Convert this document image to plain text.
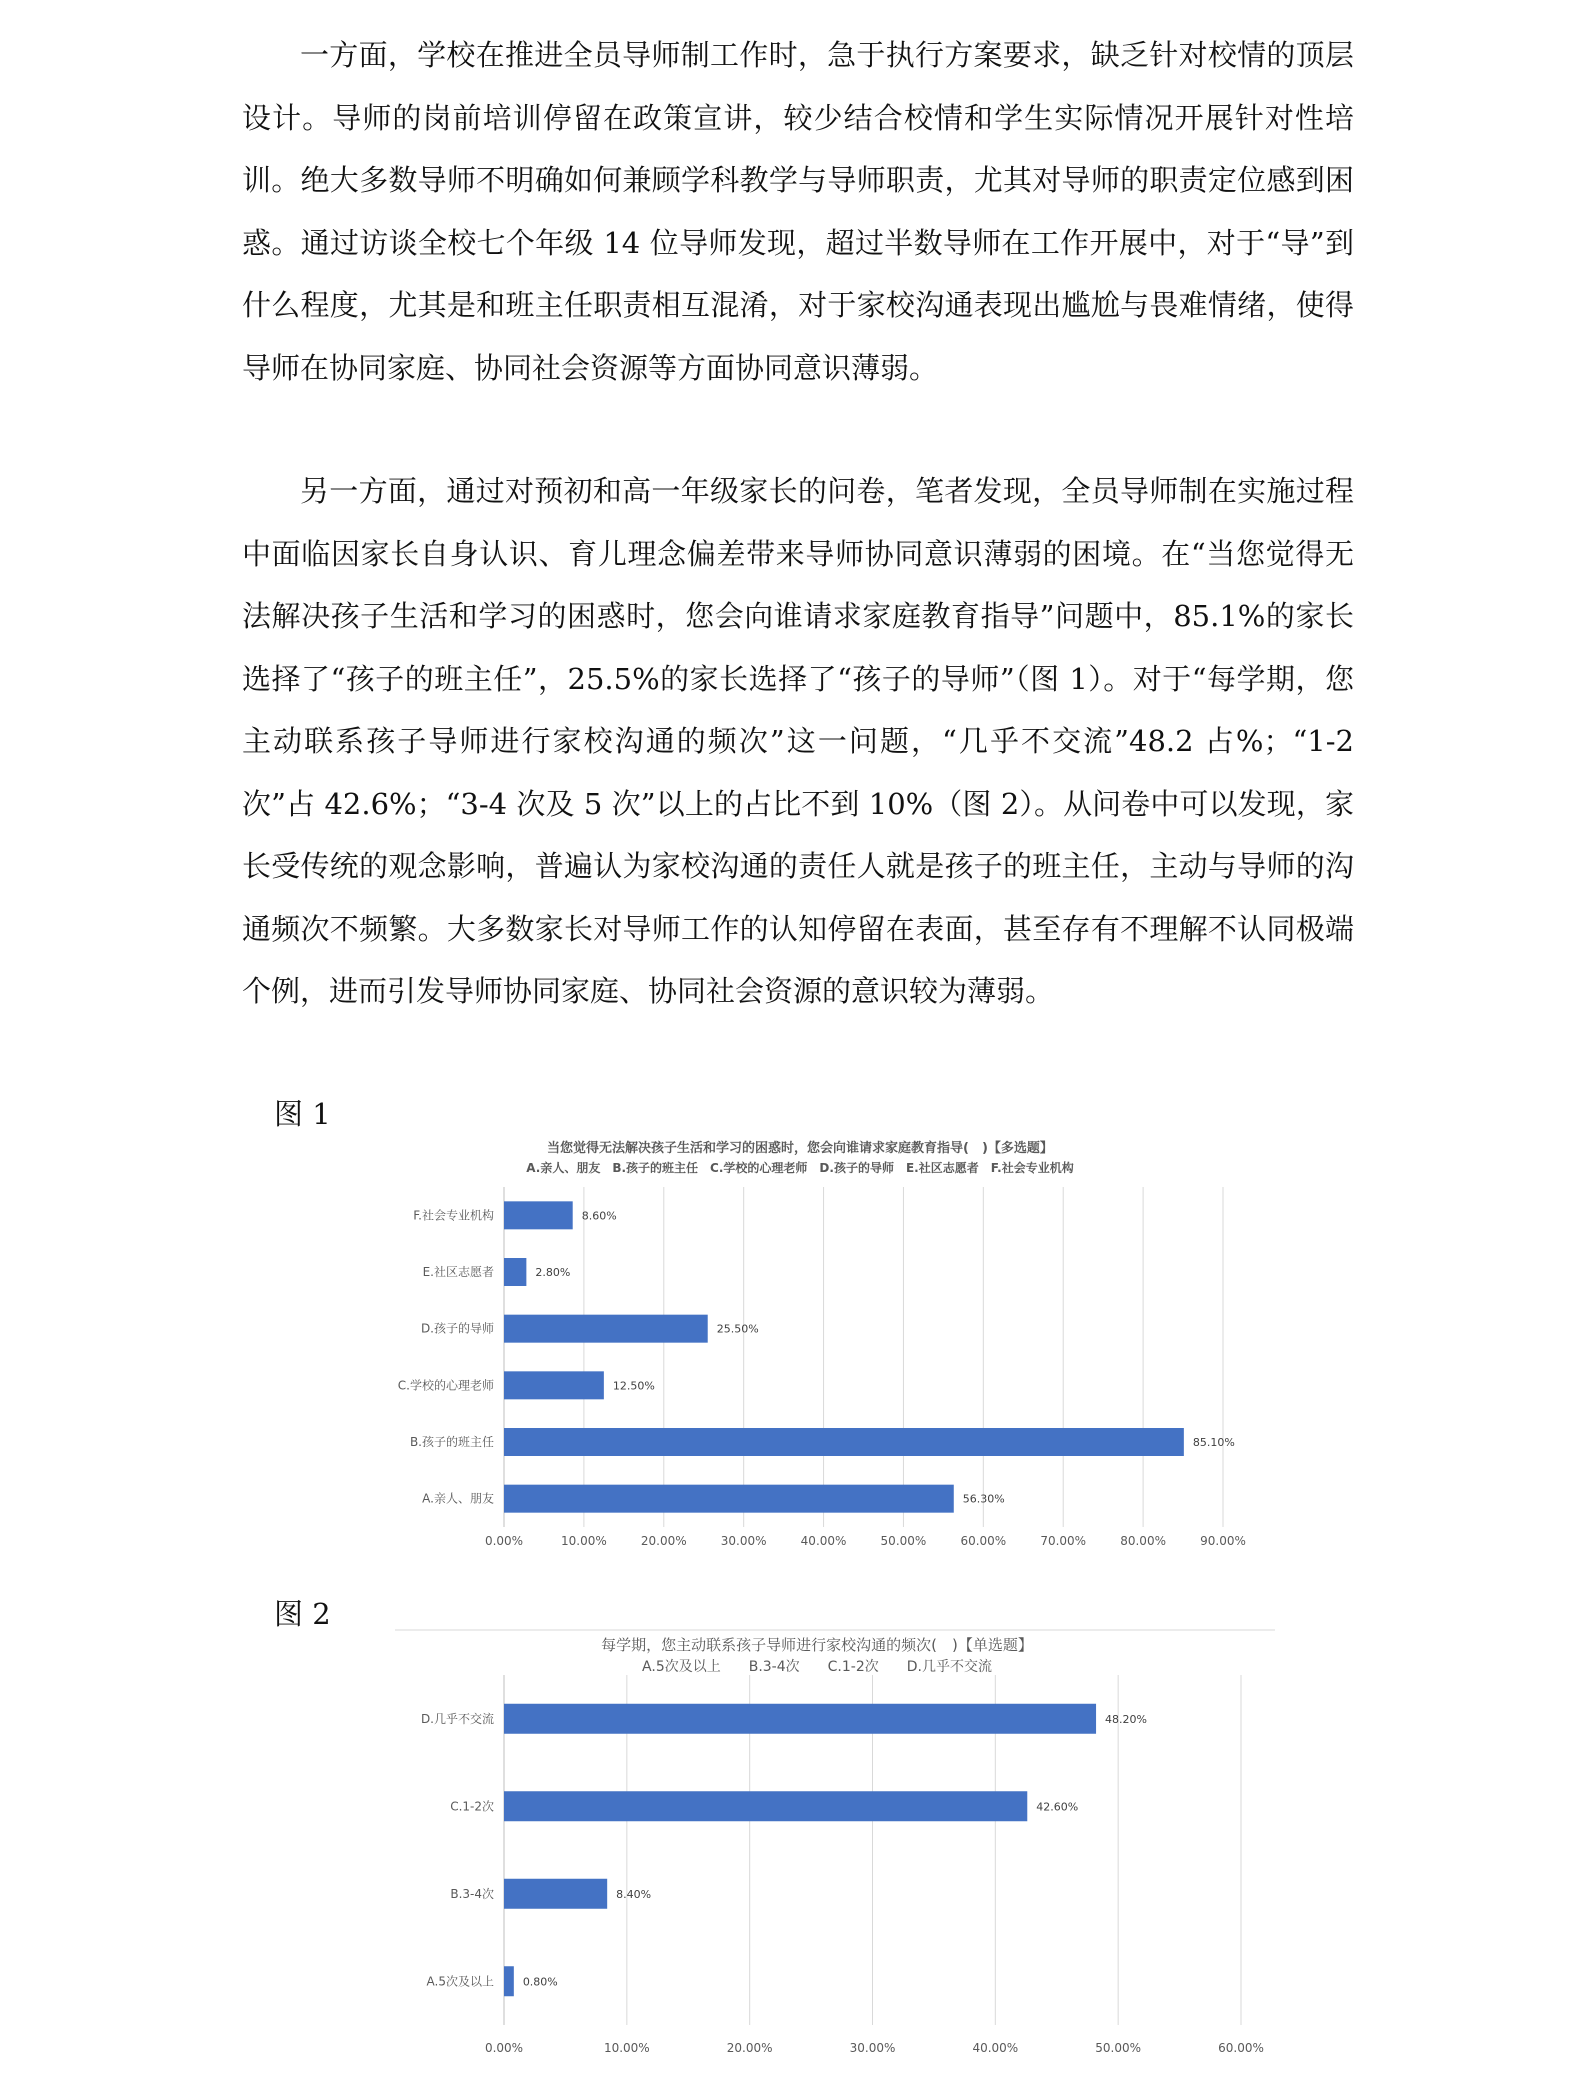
一方面，学校在推进全员导师制工作时，急于执行方案要求，缺乏针对校情的顶层设计。导师的岗前培训停留在政策宣讲，较少结合校情和学生实际情况开展针对性培训。绝大多数导师不明确如何兼顾学科教学与导师职责，尤其对导师的职责定位感到困惑。通过访谈全校七个年级 14 位导师发现，超过半数导师在工作开展中，对于“导”到什么程度，尤其是和班主任职责相互混淆，对于家校沟通表现出尴尬与畏难情绪，使得导师在协同家庭、协同社会资源等方面协同意识薄弱。

另一方面，通过对预初和高一年级家长的问卷，笔者发现，全员导师制在实施过程中面临因家长自身认识、育儿理念偏差带来导师协同意识薄弱的困境。在“当您觉得无法解决孩子生活和学习的困惑时，您会向谁请求家庭教育指导”问题中，85.1%的家长选择了“孩子的班主任”，25.5%的家长选择了“孩子的导师”（图 1）。对于“每学期，您主动联系孩子导师进行家校沟通的频次”这一问题，“几乎不交流”48.2 占%；“1-2 次”占 42.6%；“3-4 次及 5 次”以上的占比不到 10%（图 2）。从问卷中可以发现，家长受传统的观念影响，普遍认为家校沟通的责任人就是孩子的班主任，主动与导师的沟通频次不频繁。大多数家长对导师工作的认知停留在表面，甚至存有不理解不认同极端个例，进而引发导师协同家庭、协同社会资源的意识较为薄弱。

图 1

图 2

当您觉得无法解决孩子生活和学习的困惑时，您会向谁请求家庭教育指导(　)【多选题】
A.亲人、朋友　B.孩子的班主任　C.学校的心理老师　D.孩子的导师　E.社区志愿者　F.社会专业机构
0.00%	10.00%	20.00%	30.00%	40.00%	50.00%	60.00%	70.00%	80.00%	90.00%
F.社会专业机构	8.60%
E.社区志愿者	2.80%
D.孩子的导师	25.50%
C.学校的心理老师	12.50%
B.孩子的班主任	85.10%
A.亲人、朋友	56.30%
每学期，您主动联系孩子导师进行家校沟通的频次(　)【单选题】
A.5次及以上　　B.3-4次　　C.1-2次　　D.几乎不交流
0.00%	10.00%	20.00%	30.00%	40.00%	50.00%	60.00%
D.几乎不交流	48.20%
C.1-2次	42.60%
B.3-4次	8.40%
A.5次及以上	0.80%
